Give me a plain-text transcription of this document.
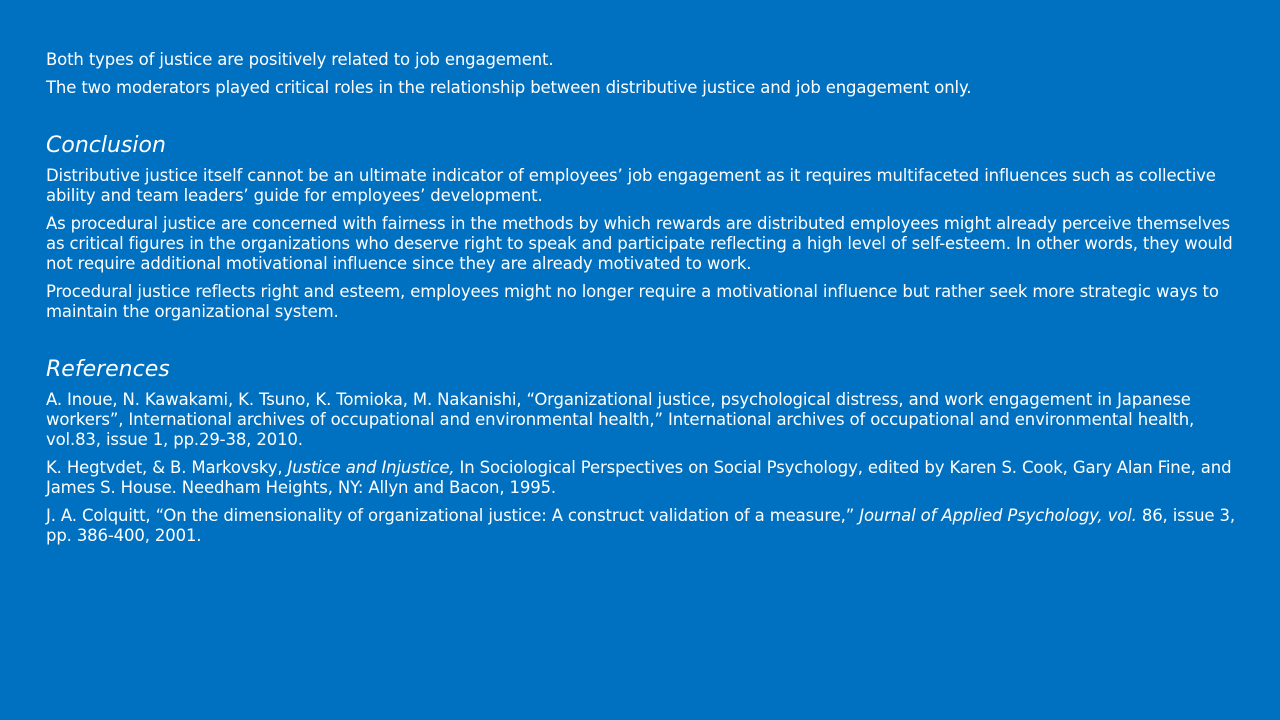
Both types of justice are positively related to job engagement.

The two moderators played critical roles in the relationship between distributive justice and job engagement only.

Conclusion

Distributive justice itself cannot be an ultimate indicator of employees’ job engagement as it requires multifaceted influences such as collective ability and team leaders’ guide for employees’ development.

As procedural justice are concerned with fairness in the methods by which rewards are distributed employees might already perceive themselves as critical figures in the organizations who deserve right to speak and participate reflecting a high level of self-esteem. In other words, they would not require additional motivational influence since they are already motivated to work.

Procedural justice reflects right and esteem, employees might no longer require a motivational influence but rather seek more strategic ways to maintain the organizational system.

References

A. Inoue, N. Kawakami, K. Tsuno, K. Tomioka, M. Nakanishi, “Organizational justice, psychological distress, and work engagement in Japanese workers”, International archives of occupational and environmental health,” International archives of occupational and environmental health, vol.83, issue 1, pp.29-38, 2010.

K. Hegtvdet, & B. Markovsky, Justice and Injustice, In Sociological Perspectives on Social Psychology, edited by Karen S. Cook, Gary Alan Fine, and James S. House. Needham Heights, NY: Allyn and Bacon, 1995.

J. A. Colquitt, “On the dimensionality of organizational justice: A construct validation of a measure,” Journal of Applied Psychology, vol. 86, issue 3, pp. 386-400, 2001.
